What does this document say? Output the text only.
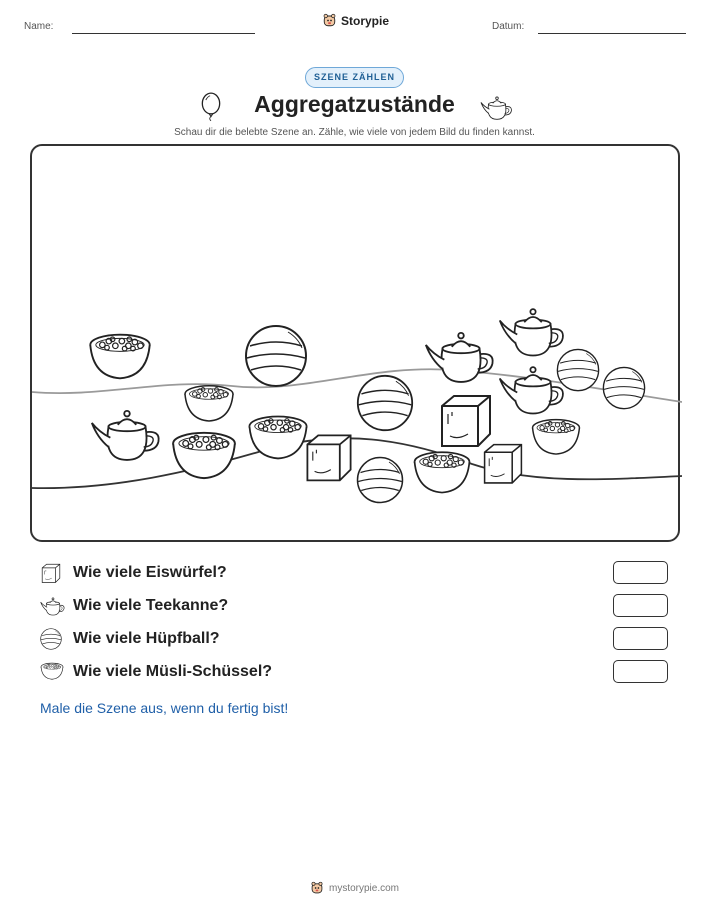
Name:	Storypie	Datum:
SZENE ZÄHLEN
Aggregatzustände
Schau dir die belebte Szene an. Zähle, wie viele von jedem Bild du finden kannst.
Wie viele Eiswürfel?
Wie viele Teekanne?
Wie viele Hüpfball?
Wie viele Müsli-Schüssel?
Male die Szene aus, wenn du fertig bist!
mystorypie.com
